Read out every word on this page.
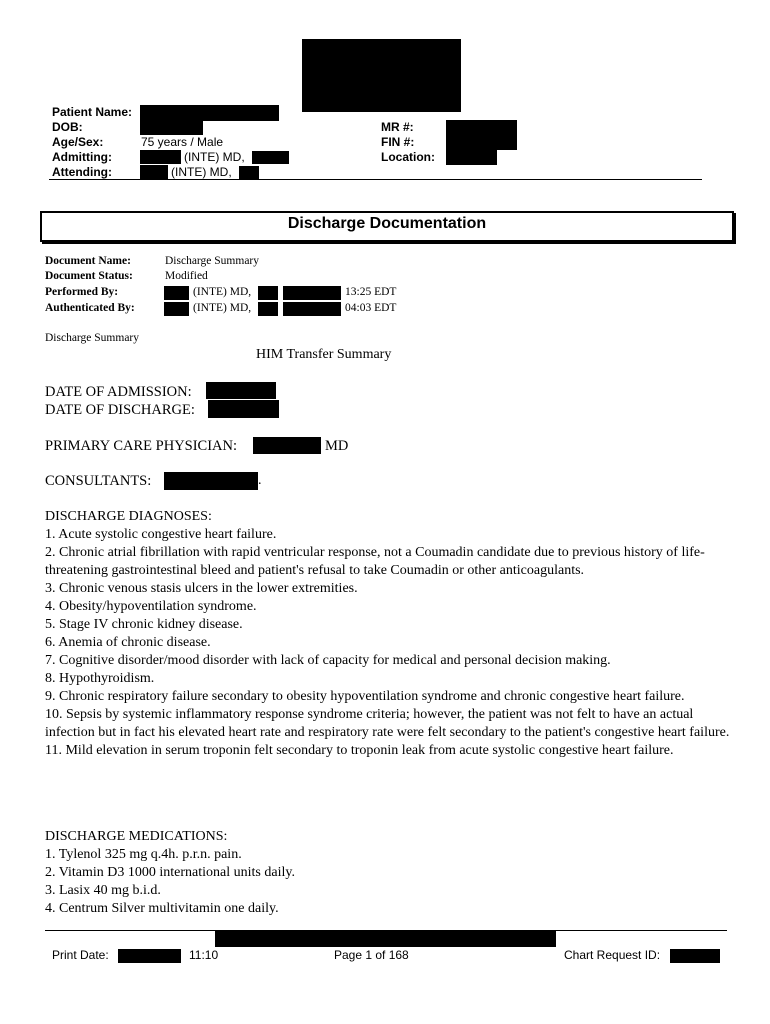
Patient Name:
DOB:
Age/Sex:	75 years / Male
Admitting:	(INTE) MD,
Attending:	(INTE) MD,
MR #:
FIN #:
Location:
Discharge Documentation
Document Name:	Discharge Summary
Document Status:	Modified
Performed By:	(INTE) MD,	13:25 EDT
Authenticated By:	(INTE) MD,	04:03 EDT
Discharge Summary
HIM Transfer Summary
DATE OF ADMISSION:
DATE OF DISCHARGE:
PRIMARY CARE PHYSICIAN:	MD
CONSULTANTS:	.
DISCHARGE DIAGNOSES:
1. Acute systolic congestive heart failure.
2. Chronic atrial fibrillation with rapid ventricular response, not a Coumadin candidate due to previous history of life-threatening gastrointestinal bleed and patient's refusal to take Coumadin or other anticoagulants.
3. Chronic venous stasis ulcers in the lower extremities.
4. Obesity/hypoventilation syndrome.
5. Stage IV chronic kidney disease.
6. Anemia of chronic disease.
7. Cognitive disorder/mood disorder with lack of capacity for medical and personal decision making.
8. Hypothyroidism.
9. Chronic respiratory failure secondary to obesity hypoventilation syndrome and chronic congestive heart failure.
10. Sepsis by systemic inflammatory response syndrome criteria; however, the patient was not felt to have an actual infection but in fact his elevated heart rate and respiratory rate were felt secondary to the patient's congestive heart failure.
11. Mild elevation in serum troponin felt secondary to troponin leak from acute systolic congestive heart failure.
DISCHARGE MEDICATIONS:
1. Tylenol 325 mg q.4h. p.r.n. pain.
2. Vitamin D3 1000 international units daily.
3. Lasix 40 mg b.i.d.
4. Centrum Silver multivitamin one daily.
Print Date:	11:10	Page 1 of 168	Chart Request ID:
